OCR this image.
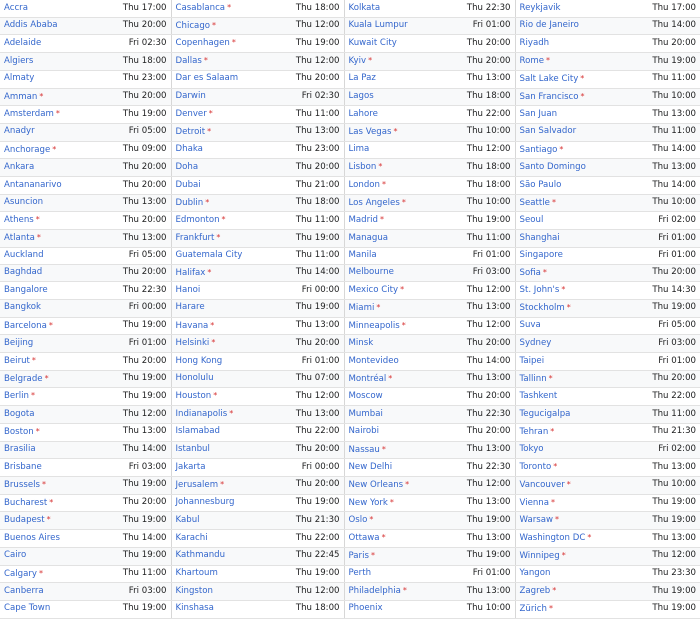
Accra	Thu 17:00	Casablanca *	Thu 18:00	Kolkata	Thu 22:30	Reykjavik	Thu 17:00
Addis Ababa	Thu 20:00	Chicago *	Thu 12:00	Kuala Lumpur	Fri 01:00	Rio de Janeiro	Thu 14:00
Adelaide	Fri 02:30	Copenhagen *	Thu 19:00	Kuwait City	Thu 20:00	Riyadh	Thu 20:00
Algiers	Thu 18:00	Dallas *	Thu 12:00	Kyiv *	Thu 20:00	Rome *	Thu 19:00
Almaty	Thu 23:00	Dar es Salaam	Thu 20:00	La Paz	Thu 13:00	Salt Lake City *	Thu 11:00
Amman *	Thu 20:00	Darwin	Fri 02:30	Lagos	Thu 18:00	San Francisco *	Thu 10:00
Amsterdam *	Thu 19:00	Denver *	Thu 11:00	Lahore	Thu 22:00	San Juan	Thu 13:00
Anadyr	Fri 05:00	Detroit *	Thu 13:00	Las Vegas *	Thu 10:00	San Salvador	Thu 11:00
Anchorage *	Thu 09:00	Dhaka	Thu 23:00	Lima	Thu 12:00	Santiago *	Thu 14:00
Ankara	Thu 20:00	Doha	Thu 20:00	Lisbon *	Thu 18:00	Santo Domingo	Thu 13:00
Antananarivo	Thu 20:00	Dubai	Thu 21:00	London *	Thu 18:00	São Paulo	Thu 14:00
Asuncion	Thu 13:00	Dublin *	Thu 18:00	Los Angeles *	Thu 10:00	Seattle *	Thu 10:00
Athens *	Thu 20:00	Edmonton *	Thu 11:00	Madrid *	Thu 19:00	Seoul	Fri 02:00
Atlanta *	Thu 13:00	Frankfurt *	Thu 19:00	Managua	Thu 11:00	Shanghai	Fri 01:00
Auckland	Fri 05:00	Guatemala City	Thu 11:00	Manila	Fri 01:00	Singapore	Fri 01:00
Baghdad	Thu 20:00	Halifax *	Thu 14:00	Melbourne	Fri 03:00	Sofia *	Thu 20:00
Bangalore	Thu 22:30	Hanoi	Fri 00:00	Mexico City *	Thu 12:00	St. John's *	Thu 14:30
Bangkok	Fri 00:00	Harare	Thu 19:00	Miami *	Thu 13:00	Stockholm *	Thu 19:00
Barcelona *	Thu 19:00	Havana *	Thu 13:00	Minneapolis *	Thu 12:00	Suva	Fri 05:00
Beijing	Fri 01:00	Helsinki *	Thu 20:00	Minsk	Thu 20:00	Sydney	Fri 03:00
Beirut *	Thu 20:00	Hong Kong	Fri 01:00	Montevideo	Thu 14:00	Taipei	Fri 01:00
Belgrade *	Thu 19:00	Honolulu	Thu 07:00	Montréal *	Thu 13:00	Tallinn *	Thu 20:00
Berlin *	Thu 19:00	Houston *	Thu 12:00	Moscow	Thu 20:00	Tashkent	Thu 22:00
Bogota	Thu 12:00	Indianapolis *	Thu 13:00	Mumbai	Thu 22:30	Tegucigalpa	Thu 11:00
Boston *	Thu 13:00	Islamabad	Thu 22:00	Nairobi	Thu 20:00	Tehran *	Thu 21:30
Brasilia	Thu 14:00	Istanbul	Thu 20:00	Nassau *	Thu 13:00	Tokyo	Fri 02:00
Brisbane	Fri 03:00	Jakarta	Fri 00:00	New Delhi	Thu 22:30	Toronto *	Thu 13:00
Brussels *	Thu 19:00	Jerusalem *	Thu 20:00	New Orleans *	Thu 12:00	Vancouver *	Thu 10:00
Bucharest *	Thu 20:00	Johannesburg	Thu 19:00	New York *	Thu 13:00	Vienna *	Thu 19:00
Budapest *	Thu 19:00	Kabul	Thu 21:30	Oslo *	Thu 19:00	Warsaw *	Thu 19:00
Buenos Aires	Thu 14:00	Karachi	Thu 22:00	Ottawa *	Thu 13:00	Washington DC *	Thu 13:00
Cairo	Thu 19:00	Kathmandu	Thu 22:45	Paris *	Thu 19:00	Winnipeg *	Thu 12:00
Calgary *	Thu 11:00	Khartoum	Thu 19:00	Perth	Fri 01:00	Yangon	Thu 23:30
Canberra	Fri 03:00	Kingston	Thu 12:00	Philadelphia *	Thu 13:00	Zagreb *	Thu 19:00
Cape Town	Thu 19:00	Kinshasa	Thu 18:00	Phoenix	Thu 10:00	Zürich *	Thu 19:00
